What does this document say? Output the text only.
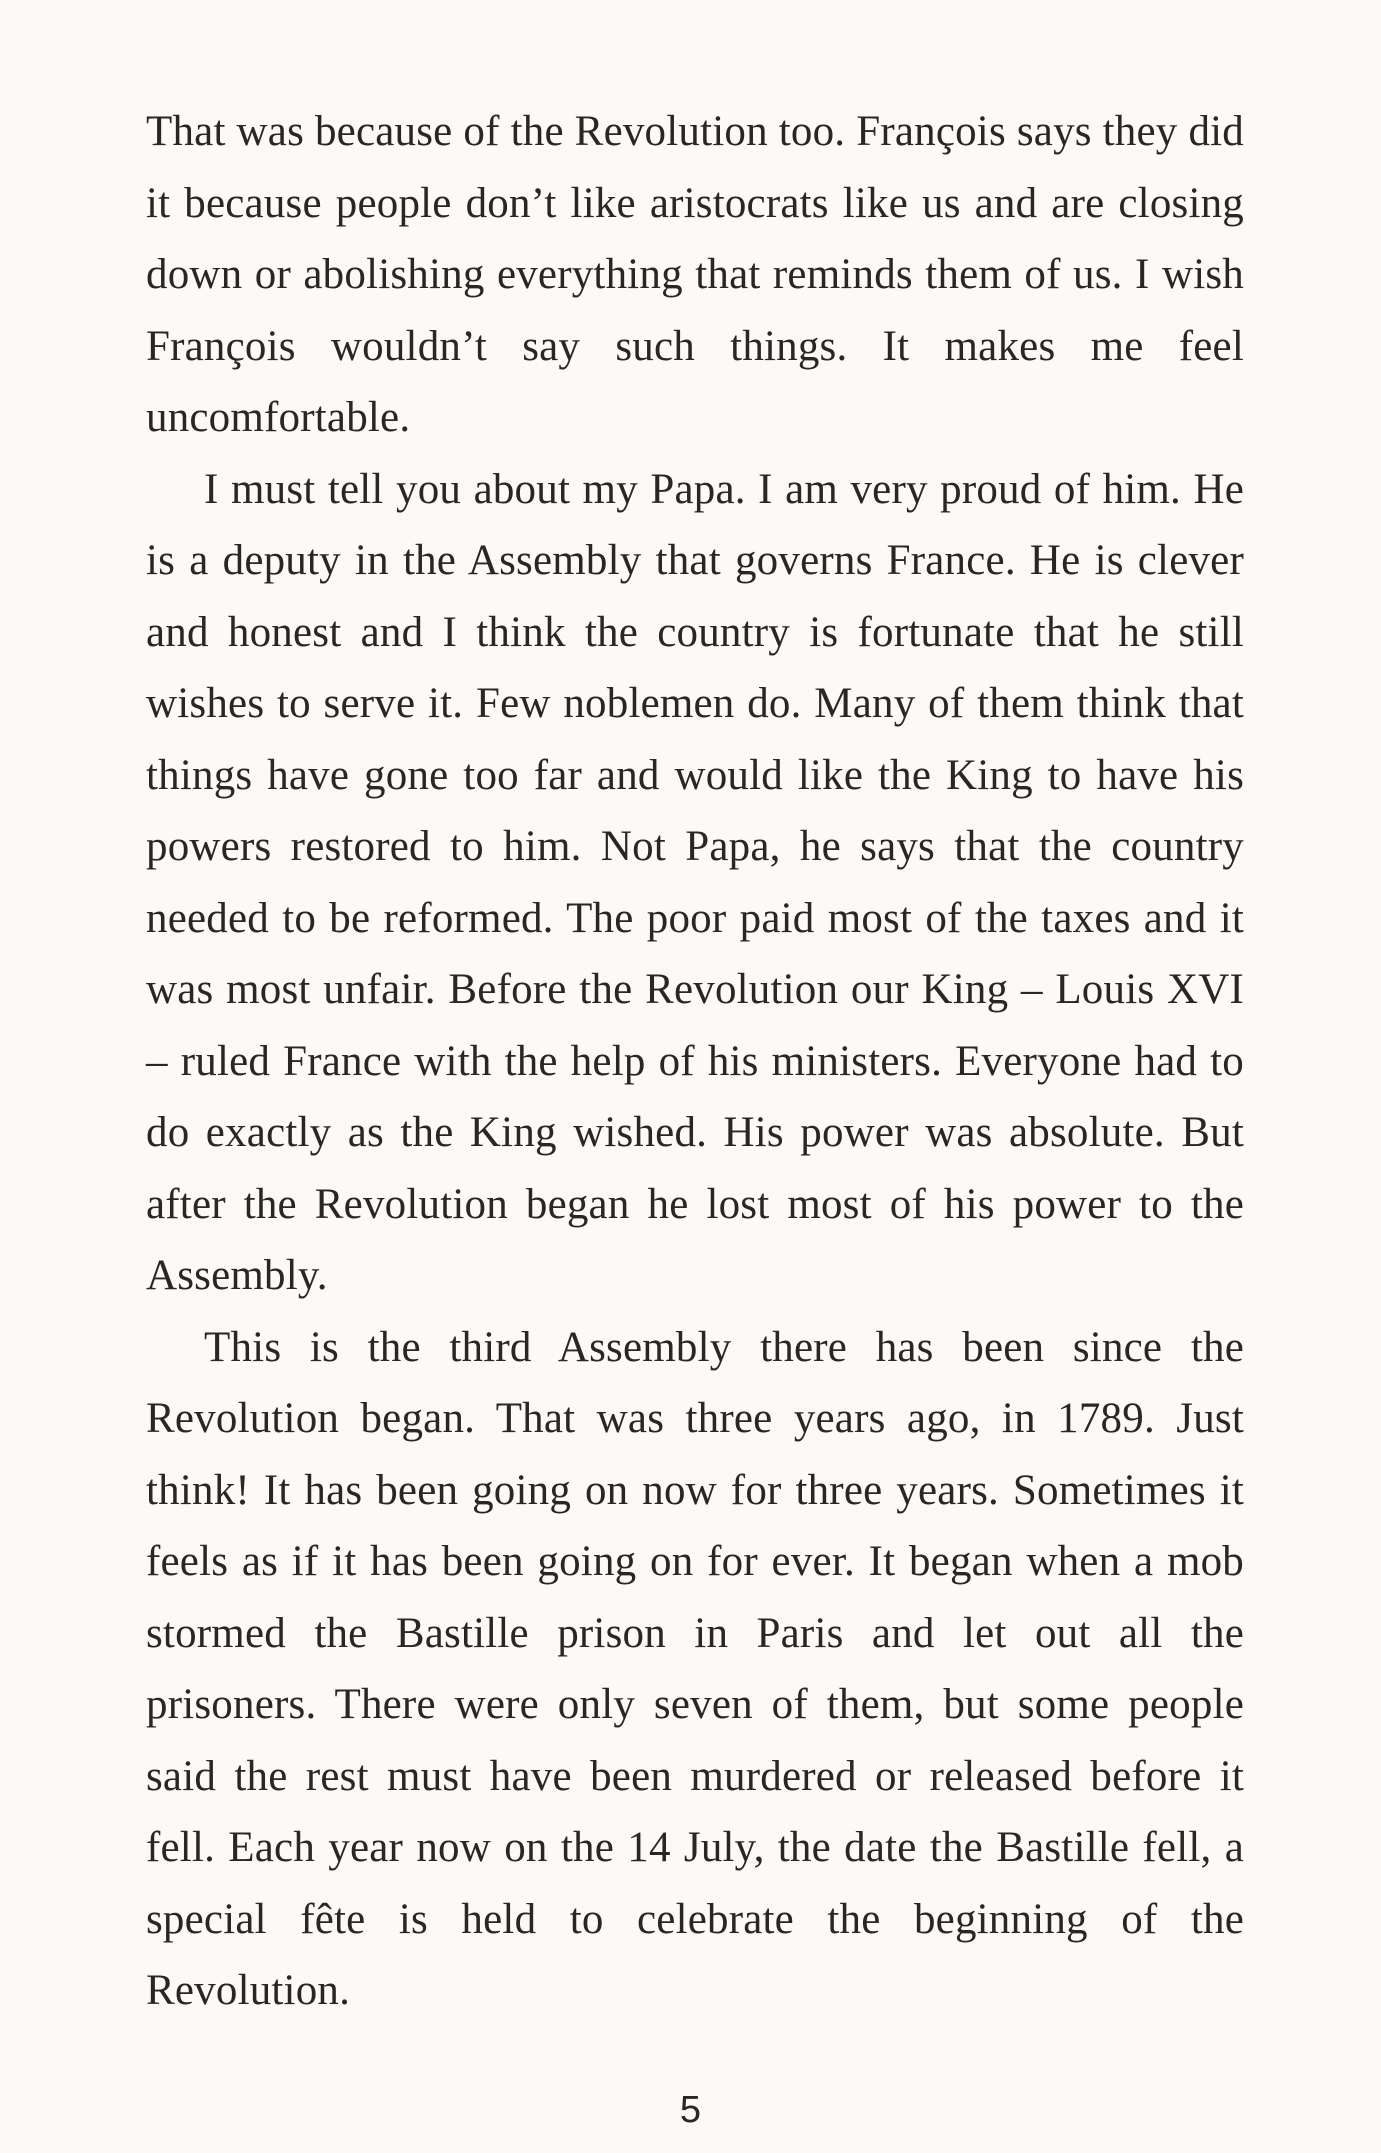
That was because of the Revolution too. François says they did it because people don’t like aristocrats like us and are closing down or abolishing everything that reminds them of us. I wish François wouldn’t say such things. It makes me feel uncomfortable.

I must tell you about my Papa. I am very proud of him. He is a deputy in the Assembly that governs France. He is clever and honest and I think the country is fortunate that he still wishes to serve it. Few noblemen do. Many of them think that things have gone too far and would like the King to have his powers restored to him. Not Papa, he says that the country needed to be reformed. The poor paid most of the taxes and it was most unfair. Before the Revolution our King – Louis XVI – ruled France with the help of his ministers. Everyone had to do exactly as the King wished. His power was absolute. But after the Revolution began he lost most of his power to the Assembly.

This is the third Assembly there has been since the Revolution began. That was three years ago, in 1789. Just think! It has been going on now for three years. Sometimes it feels as if it has been going on for ever. It began when a mob stormed the Bastille prison in Paris and let out all the prisoners. There were only seven of them, but some people said the rest must have been murdered or released before it fell. Each year now on the 14 July, the date the Bastille fell, a special fête is held to celebrate the beginning of the Revolution.

5
